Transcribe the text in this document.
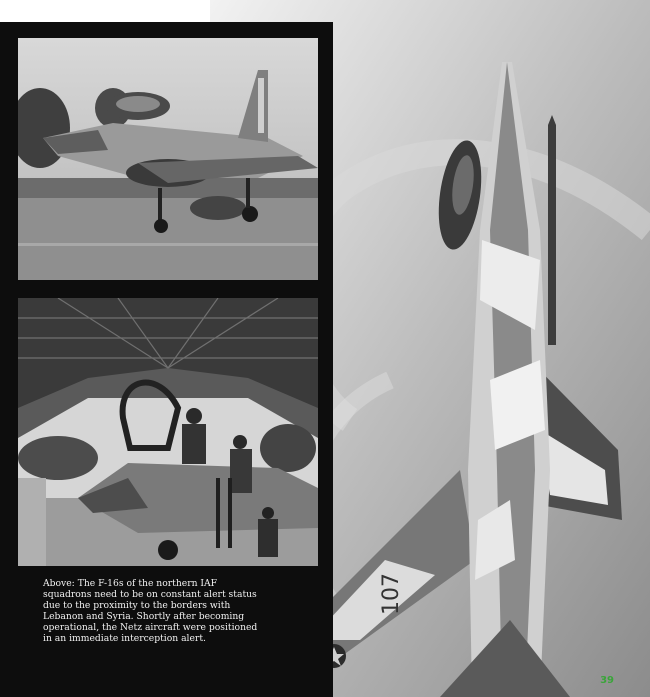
107
Above: The F-16s of the northern IAF squadrons need to be on constant alert status due to the proximity to the borders with Lebanon and Syria. Shortly after becoming operational, the Netz aircraft were positioned in an immediate interception alert.
39
